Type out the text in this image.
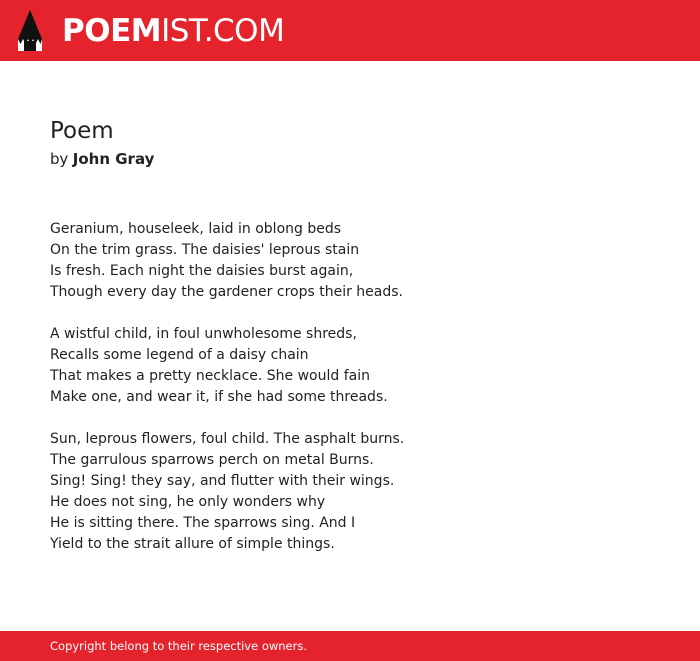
POEMIST.COM
Poem
by John Gray
Geranium, houseleek, laid in oblong beds
On the trim grass. The daisies' leprous stain
Is fresh. Each night the daisies burst again,
Though every day the gardener crops their heads.
A wistful child, in foul unwholesome shreds,
Recalls some legend of a daisy chain
That makes a pretty necklace. She would fain
Make one, and wear it, if she had some threads.
Sun, leprous flowers, foul child. The asphalt burns.
The garrulous sparrows perch on metal Burns.
Sing! Sing! they say, and flutter with their wings.
He does not sing, he only wonders why
He is sitting there. The sparrows sing. And I
Yield to the strait allure of simple things.
Copyright belong to their respective owners.
